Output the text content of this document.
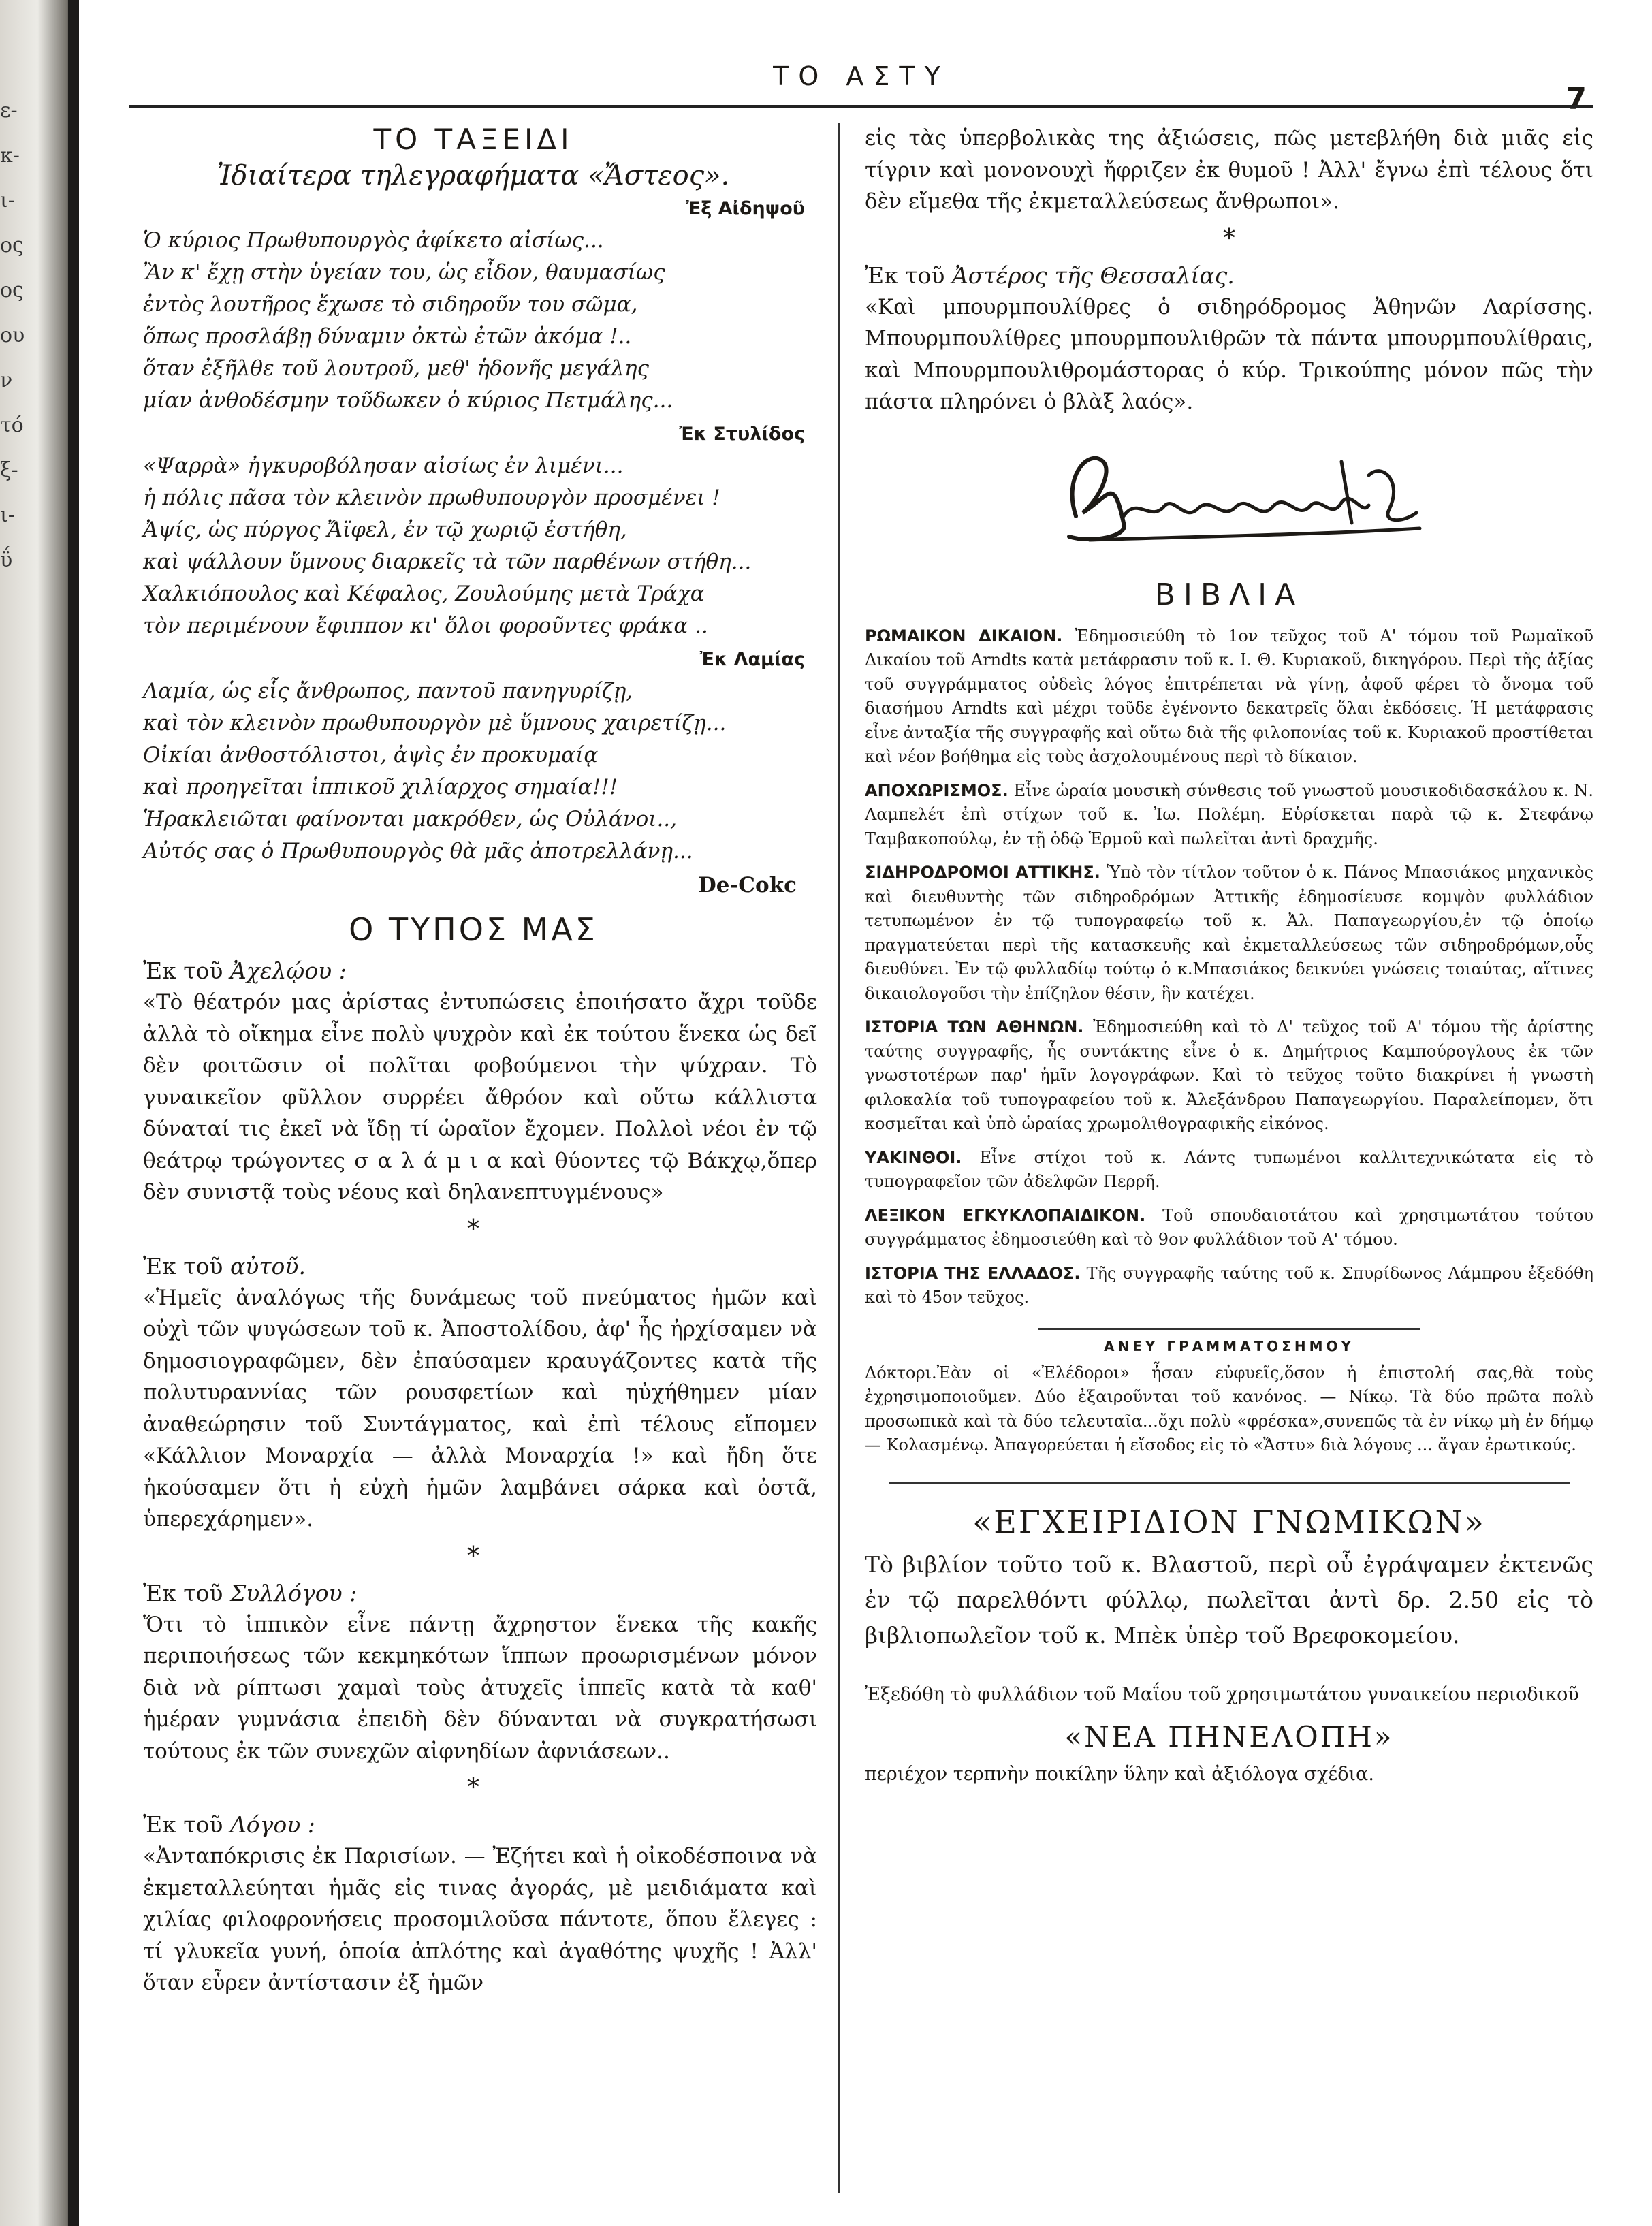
ε-
κ-
ι-
ος
ος
ου
ν
τό
ξ-
ι-
ΰ
ΤΟ ΑΣΤΥ
7
ΤΟ ΤΑΞΕΙΔΙ
Ἰδιαίτερα τηλεγραφήματα «Ἄστεος».
Ἐξ Αἰδηψοῦ
Ὁ κύριος Πρωθυπουργὸς ἀφίκετο αἰσίως...
Ἂν κ' ἔχῃ στὴν ὑγείαν του, ὡς εἶδον, θαυμασίως
ἐντὸς λουτῆρος ἔχωσε τὸ σιδηροῦν του σῶμα,
ὅπως προσλάβῃ δύναμιν ὀκτὼ ἐτῶν ἀκόμα !..
ὅταν ἐξῆλθε τοῦ λουτροῦ, μεθ' ἡδονῆς μεγάλης
μίαν ἀνθοδέσμην τοῦδωκεν ὁ κύριος Πετμάλης...
Ἐκ Στυλίδος
«Ψαρρὰ» ἠγκυροβόλησαν αἰσίως ἐν λιμένι...
ἡ πόλις πᾶσα τὸν κλεινὸν πρωθυπουργὸν προσμένει !
Ἀψίς, ὡς πύργος Ἄϊφελ, ἐν τῷ χωριῷ ἐστήθη,
καὶ ψάλλουν ὕμνους διαρκεῖς τὰ τῶν παρθένων στήθη...
Χαλκιόπουλος καὶ Κέφαλος, Ζουλούμης μετὰ Τράχα
τὸν περιμένουν ἔφιππον κι' ὅλοι φοροῦντες φράκα ..
Ἐκ Λαμίας
Λαμία, ὡς εἷς ἄνθρωπος, παντοῦ πανηγυρίζῃ,
καὶ τὸν κλεινὸν πρωθυπουργὸν μὲ ὕμνους χαιρετίζῃ...
Οἰκίαι ἀνθοστόλιστοι, ἀψὶς ἐν προκυμαίᾳ
καὶ προηγεῖται ἱππικοῦ χιλίαρχος σημαία!!!
Ἡρακλειῶται φαίνονται μακρόθεν, ὡς Οὐλάνοι..,
Αὐτός σας ὁ Πρωθυπουργὸς θὰ μᾶς ἀποτρελλάνῃ...
De-Cokc
Ο ΤΥΠΟΣ ΜΑΣ
Ἐκ τοῦ Ἀχελῴου :

«Τὸ θέατρόν μας ἀρίστας ἐντυπώσεις ἐποιήσατο ἄχρι τοῦδε ἀλλὰ τὸ οἴκημα εἶνε πολὺ ψυχρὸν καὶ ἐκ τούτου ἕνεκα ὡς δεῖ δὲν φοιτῶσιν οἱ πολῖται φοβούμενοι τὴν ψύχραν. Τὸ γυναικεῖον φῦλλον συρρέει ἄθρόον καὶ οὕτω κάλλιστα δύναταί τις ἐκεῖ νὰ ἴδῃ τί ὡραῖον ἔχομεν. Πολλοὶ νέοι ἐν τῷ θεάτρῳ τρώγοντες σ α λ ά μ ι α καὶ θύοντες τῷ Βάκχῳ,ὅπερ δὲν συνιστᾷ τοὺς νέους καὶ δηλανεπτυγμένους»

*
Ἐκ τοῦ αὐτοῦ.

«Ἡμεῖς ἀναλόγως τῆς δυνάμεως τοῦ πνεύματος ἡμῶν καὶ οὐχὶ τῶν ψυγώσεων τοῦ κ. Ἀποστολίδου, ἀφ' ἧς ἠρχίσαμεν νὰ δημοσιογραφῶμεν, δὲν ἐπαύσαμεν κραυγάζοντες κατὰ τῆς πολυτυραννίας τῶν ρουσφετίων καὶ ηὐχήθημεν μίαν ἀναθεώρησιν τοῦ Συντάγματος, καὶ ἐπὶ τέλους εἴπομεν «Κάλλιον Μοναρχία — ἀλλὰ Μοναρχία !» καὶ ἤδη ὅτε ἠκούσαμεν ὅτι ἡ εὐχὴ ἡμῶν λαμβάνει σάρκα καὶ ὀστᾶ, ὑπερεχάρημεν».

*
Ἐκ τοῦ Συλλόγου :

Ὅτι τὸ ἱππικὸν εἶνε πάντῃ ἄχρηστον ἕνεκα τῆς κακῆς περιποιήσεως τῶν κεκμηκότων ἵππων προωρισμένων μόνον διὰ νὰ ρίπτωσι χαμαὶ τοὺς ἀτυχεῖς ἱππεῖς κατὰ τὰ καθ' ἡμέραν γυμνάσια ἐπειδὴ δὲν δύνανται νὰ συγκρατήσωσι τούτους ἐκ τῶν συνεχῶν αἰφνηδίων ἀφνιάσεων..

*
Ἐκ τοῦ Λόγου :

«Ἀνταπόκρισις ἐκ Παρισίων. — Ἐζήτει καὶ ἡ οἰκοδέσποινα νὰ ἐκμεταλλεύηται ἡμᾶς εἰς τινας ἀγοράς, μὲ μειδιάματα καὶ χιλίας φιλοφρονήσεις προσομιλοῦσα πάντοτε, ὅπου ἔλεγες : τί γλυκεῖα γυνή, ὁποία ἀπλότης καὶ ἀγαθότης ψυχῆς ! Ἀλλ' ὅταν εὗρεν ἀντίστασιν ἐξ ἡμῶν

εἰς τὰς ὑπερβολικὰς της ἀξιώσεις, πῶς μετεβλήθη διὰ μιᾶς εἰς τίγριν καὶ μονονουχὶ ἤφριζεν ἐκ θυμοῦ ! Ἀλλ' ἔγνω ἐπὶ τέλους ὅτι δὲν εἴμεθα τῆς ἐκμεταλλεύσεως ἄνθρωποι».

*
Ἐκ τοῦ Ἀστέρος τῆς Θεσσαλίας.

«Καὶ μπουρμπουλίθρες ὁ σιδηρόδρομος Ἀθηνῶν Λαρίσσης. Μπουρμπουλίθρες μπουρμπουλιθρῶν τὰ πάντα μπουρμπουλίθραις, καὶ Μπουρμπουλιθρομάστορας ὁ κύρ. Τρικούπης μόνον πῶς τὴν πάστα πληρόνει ὁ βλὰξ λαός».

ΒΙΒΛΙΑ

ΡΩΜΑΙΚΟΝ ΔΙΚΑΙΟΝ. Ἐδημοσιεύθη τὸ 1ον τεῦχος τοῦ Α' τόμου τοῦ Ρωμαϊκοῦ Δικαίου τοῦ Arndts κατὰ μετάφρασιν τοῦ κ. Ι. Θ. Κυριακοῦ, δικηγόρου. Περὶ τῆς ἀξίας τοῦ συγγράμματος οὐδεὶς λόγος ἐπιτρέπεται νὰ γίνῃ, ἀφοῦ φέρει τὸ ὄνομα τοῦ διασήμου Arndts καὶ μέχρι τοῦδε ἐγένοντο δεκατρεῖς ὅλαι ἐκδόσεις. Ἡ μετάφρασις εἶνε ἀνταξία τῆς συγγραφῆς καὶ οὕτω διὰ τῆς φιλοπονίας τοῦ κ. Κυριακοῦ προστίθεται καὶ νέον βοήθημα εἰς τοὺς ἀσχολουμένους περὶ τὸ δίκαιον.

ΑΠΟΧΩΡΙΣΜΟΣ. Εἶνε ὡραία μουσικὴ σύνθεσις τοῦ γνωστοῦ μουσικοδιδασκάλου κ. Ν. Λαμπελέτ ἐπὶ στίχων τοῦ κ. Ἰω. Πολέμη. Εὑρίσκεται παρὰ τῷ κ. Στεφάνῳ Ταμβακοπούλῳ, ἐν τῇ ὁδῷ Ἑρμοῦ καὶ πωλεῖται ἀντὶ δραχμῆς.

ΣΙΔΗΡΟΔΡΟΜΟΙ ΑΤΤΙΚΗΣ. Ὑπὸ τὸν τίτλον τοῦτον ὁ κ. Πάνος Μπασιάκος μηχανικὸς καὶ διευθυντὴς τῶν σιδηροδρόμων Ἀττικῆς ἐδημοσίευσε κομψὸν φυλλάδιον τετυπωμένον ἐν τῷ τυπογραφείῳ τοῦ κ. Ἀλ. Παπαγεωργίου,ἐν τῷ ὁποίῳ πραγματεύεται περὶ τῆς κατασκευῆς καὶ ἐκμεταλλεύσεως τῶν σιδηροδρόμων,οὗς διευθύνει. Ἐν τῷ φυλλαδίῳ τούτῳ ὁ κ.Μπασιάκος δεικνύει γνώσεις τοιαύτας, αἵτινες δικαιολογοῦσι τὴν ἐπίζηλον θέσιν, ἣν κατέχει.

ΙΣΤΟΡΙΑ ΤΩΝ ΑΘΗΝΩΝ. Ἐδημοσιεύθη καὶ τὸ Δ' τεῦχος τοῦ Α' τόμου τῆς ἀρίστης ταύτης συγγραφῆς, ἧς συντάκτης εἶνε ὁ κ. Δημήτριος Καμπούρογλους ἐκ τῶν γνωστοτέρων παρ' ἡμῖν λογογράφων. Καὶ τὸ τεῦχος τοῦτο διακρίνει ἡ γνωστὴ φιλοκαλία τοῦ τυπογραφείου τοῦ κ. Ἀλεξάνδρου Παπαγεωργίου. Παραλείπομεν, ὅτι κοσμεῖται καὶ ὑπὸ ὡραίας χρωμολιθογραφικῆς εἰκόνος.

ΥΑΚΙΝΘΟΙ. Εἶνε στίχοι τοῦ κ. Λάντς τυπωμένοι καλλιτεχνικώτατα εἰς τὸ τυπογραφεῖον τῶν ἀδελφῶν Περρῆ.

ΛΕΞΙΚΟΝ ΕΓΚΥΚΛΟΠΑΙΔΙΚΟΝ. Τοῦ σπουδαιοτάτου καὶ χρησιμωτάτου τούτου συγγράμματος ἐδημοσιεύθη καὶ τὸ 9ον φυλλάδιον τοῦ Α' τόμου.

ΙΣΤΟΡΙΑ ΤΗΣ ΕΛΛΑΔΟΣ. Τῆς συγγραφῆς ταύτης τοῦ κ. Σπυρίδωνος Λάμπρου ἐξεδόθη καὶ τὸ 45ον τεῦχος.

ΑΝΕΥ ΓΡΑΜΜΑΤΟΣΗΜΟΥ

Δόκτορι.Ἐὰν οἱ «Ἐλέδοροι» ἦσαν εὐφυεῖς,ὅσον ἡ ἐπιστολή σας,θὰ τοὺς ἐχρησιμοποιοῦμεν. Δύο ἐξαιροῦνται τοῦ κανόνος. — Νίκῳ. Τὰ δύο πρῶτα πολὺ προσωπικὰ καὶ τὰ δύο τελευταῖα...ὄχι πολὺ «φρέσκα»,συνεπῶς τὰ ἐν νίκῳ μὴ ἐν δήμῳ — Κολασμένῳ. Ἀπαγορεύεται ἡ εἴσοδος εἰς τὸ «Ἄστυ» διὰ λόγους ... ἄγαν ἐρωτικούς.

«ΕΓΧΕΙΡΙΔΙΟΝ ΓΝΩΜΙΚΩΝ»

Τὸ βιβλίον τοῦτο τοῦ κ. Βλαστοῦ, περὶ οὗ ἐγράψαμεν ἐκτενῶς ἐν τῷ παρελθόντι φύλλῳ, πωλεῖται ἀντὶ δρ. 2.50 εἰς τὸ βιβλιοπωλεῖον τοῦ κ. Μπὲκ ὑπὲρ τοῦ Βρεφοκομείου.

Ἐξεδόθη τὸ φυλλάδιον τοῦ Μαΐου τοῦ χρησιμωτάτου γυναικείου περιοδικοῦ

«ΝΕΑ ΠΗΝΕΛΟΠΗ»

περιέχον τερπνὴν ποικίλην ὕλην καὶ ἀξιόλογα σχέδια.
